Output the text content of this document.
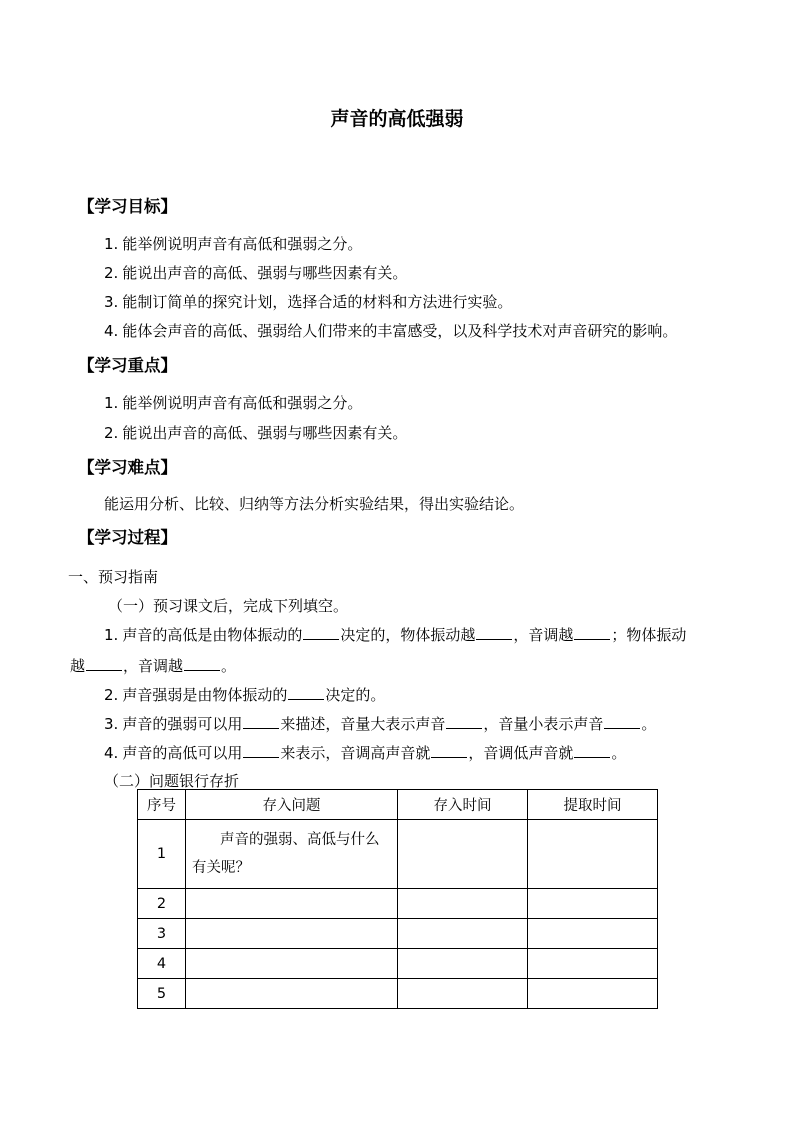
声音的高低强弱
【学习目标】
1. 能举例说明声音有高低和强弱之分。
2. 能说出声音的高低、强弱与哪些因素有关。
3. 能制订简单的探究计划，选择合适的材料和方法进行实验。
4. 能体会声音的高低、强弱给人们带来的丰富感受，以及科学技术对声音研究的影响。
【学习重点】
1. 能举例说明声音有高低和强弱之分。
2. 能说出声音的高低、强弱与哪些因素有关。
【学习难点】
能运用分析、比较、归纳等方法分析实验结果，得出实验结论。
【学习过程】
一、预习指南
（一）预习课文后，完成下列填空。
1. 声音的高低是由物体振动的	决定的，物体振动越	，音调越	；物体振动
越	，音调越	。
2. 声音强弱是由物体振动的	决定的。
3. 声音的强弱可以用	来描述，音量大表示声音	，音量小表示声音	。
4. 声音的高低可以用	来表示，音调高声音就	，音调低声音就	。
（二）问题银行存折
序号	存入问题	存入时间	提取时间
1	声音的强弱、高低与什么有关呢？		
2			
3			
4			
5			
